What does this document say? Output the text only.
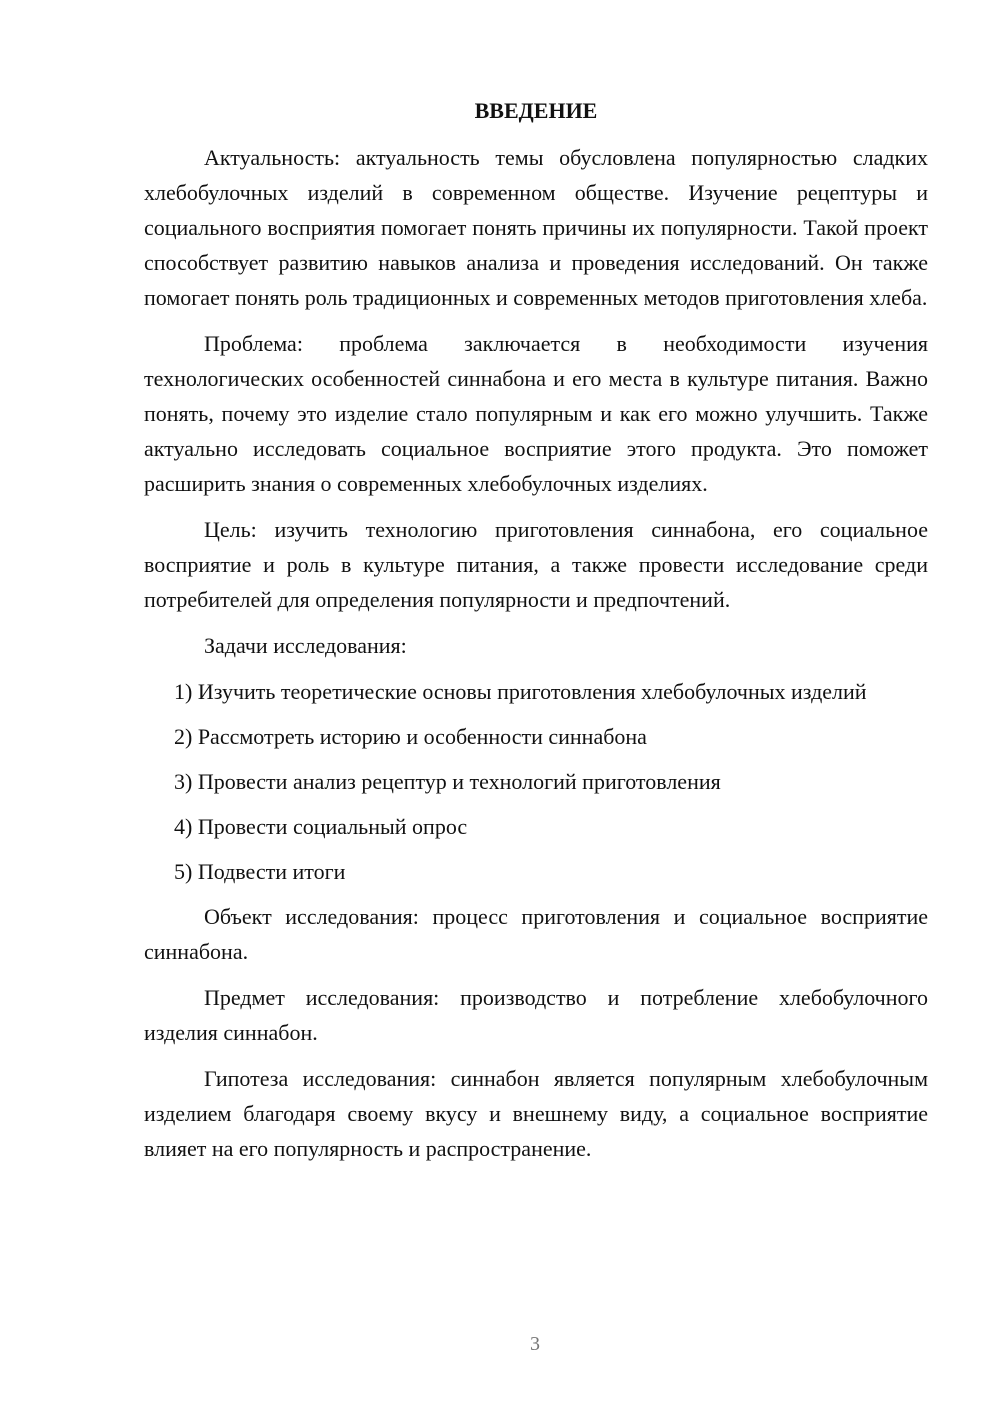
ВВЕДЕНИЕ

Актуальность: актуальность темы обусловлена популярностью сладких хлебобулочных изделий в современном обществе. Изучение рецептуры и социального восприятия помогает понять причины их популярности. Такой проект способствует развитию навыков анализа и проведения исследований. Он также помогает понять роль традиционных и современных методов приготовления хлеба.

Проблема: проблема заключается в необходимости изучения технологических особенностей синнабона и его места в культуре питания. Важно понять, почему это изделие стало популярным и как его можно улучшить. Также актуально исследовать социальное восприятие этого продукта. Это поможет расширить знания о современных хлебобулочных изделиях.

Цель: изучить технологию приготовления синнабона, его социальное восприятие и роль в культуре питания, а также провести исследование среди потребителей для определения популярности и предпочтений.

Задачи исследования:

1) Изучить теоретические основы приготовления хлебобулочных изделий

2) Рассмотреть историю и особенности синнабона

3) Провести анализ рецептур и технологий приготовления

4) Провести социальный опрос

5) Подвести итоги

Объект исследования: процесс приготовления и социальное восприятие синнабона.

Предмет исследования: производство и потребление хлебобулочного изделия синнабон.

Гипотеза исследования: синнабон является популярным хлебобулочным изделием благодаря своему вкусу и внешнему виду, а социальное восприятие влияет на его популярность и распространение.

3
